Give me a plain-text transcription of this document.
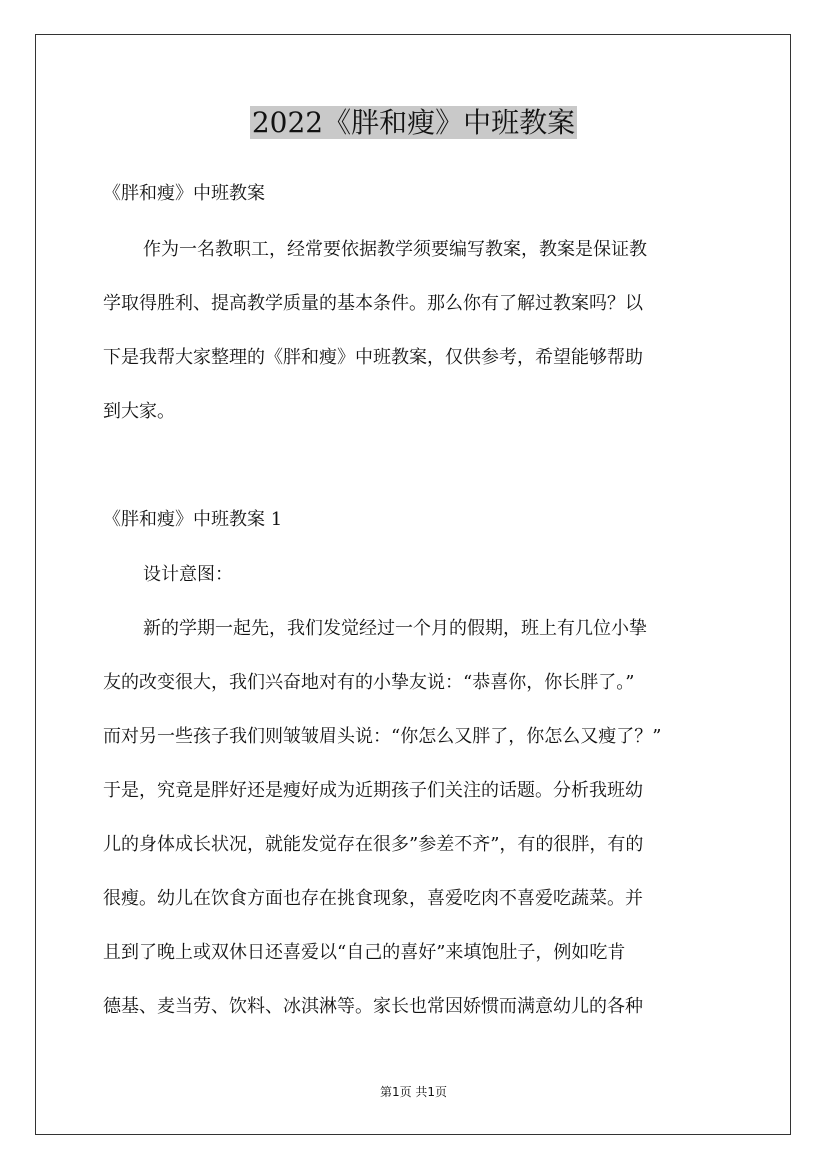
2022《胖和瘦》中班教案
《胖和瘦》中班教案
作为一名教职工，经常要依据教学须要编写教案，教案是保证教
学取得胜利、提高教学质量的基本条件。那么你有了解过教案吗？以
下是我帮大家整理的《胖和瘦》中班教案，仅供参考，希望能够帮助
到大家。
《胖和瘦》中班教案 1
设计意图：
新的学期一起先，我们发觉经过一个月的假期，班上有几位小挚
友的改变很大，我们兴奋地对有的小挚友说：“恭喜你，你长胖了。”
而对另一些孩子我们则皱皱眉头说：“你怎么又胖了，你怎么又瘦了？”
于是，究竟是胖好还是瘦好成为近期孩子们关注的话题。分析我班幼
儿的身体成长状况，就能发觉存在很多”参差不齐”，有的很胖，有的
很瘦。幼儿在饮食方面也存在挑食现象，喜爱吃肉不喜爱吃蔬菜。并
且到了晚上或双休日还喜爱以“自己的喜好”来填饱肚子，例如吃肯
德基、麦当劳、饮料、冰淇淋等。家长也常因娇惯而满意幼儿的各种
第1页 共1页
